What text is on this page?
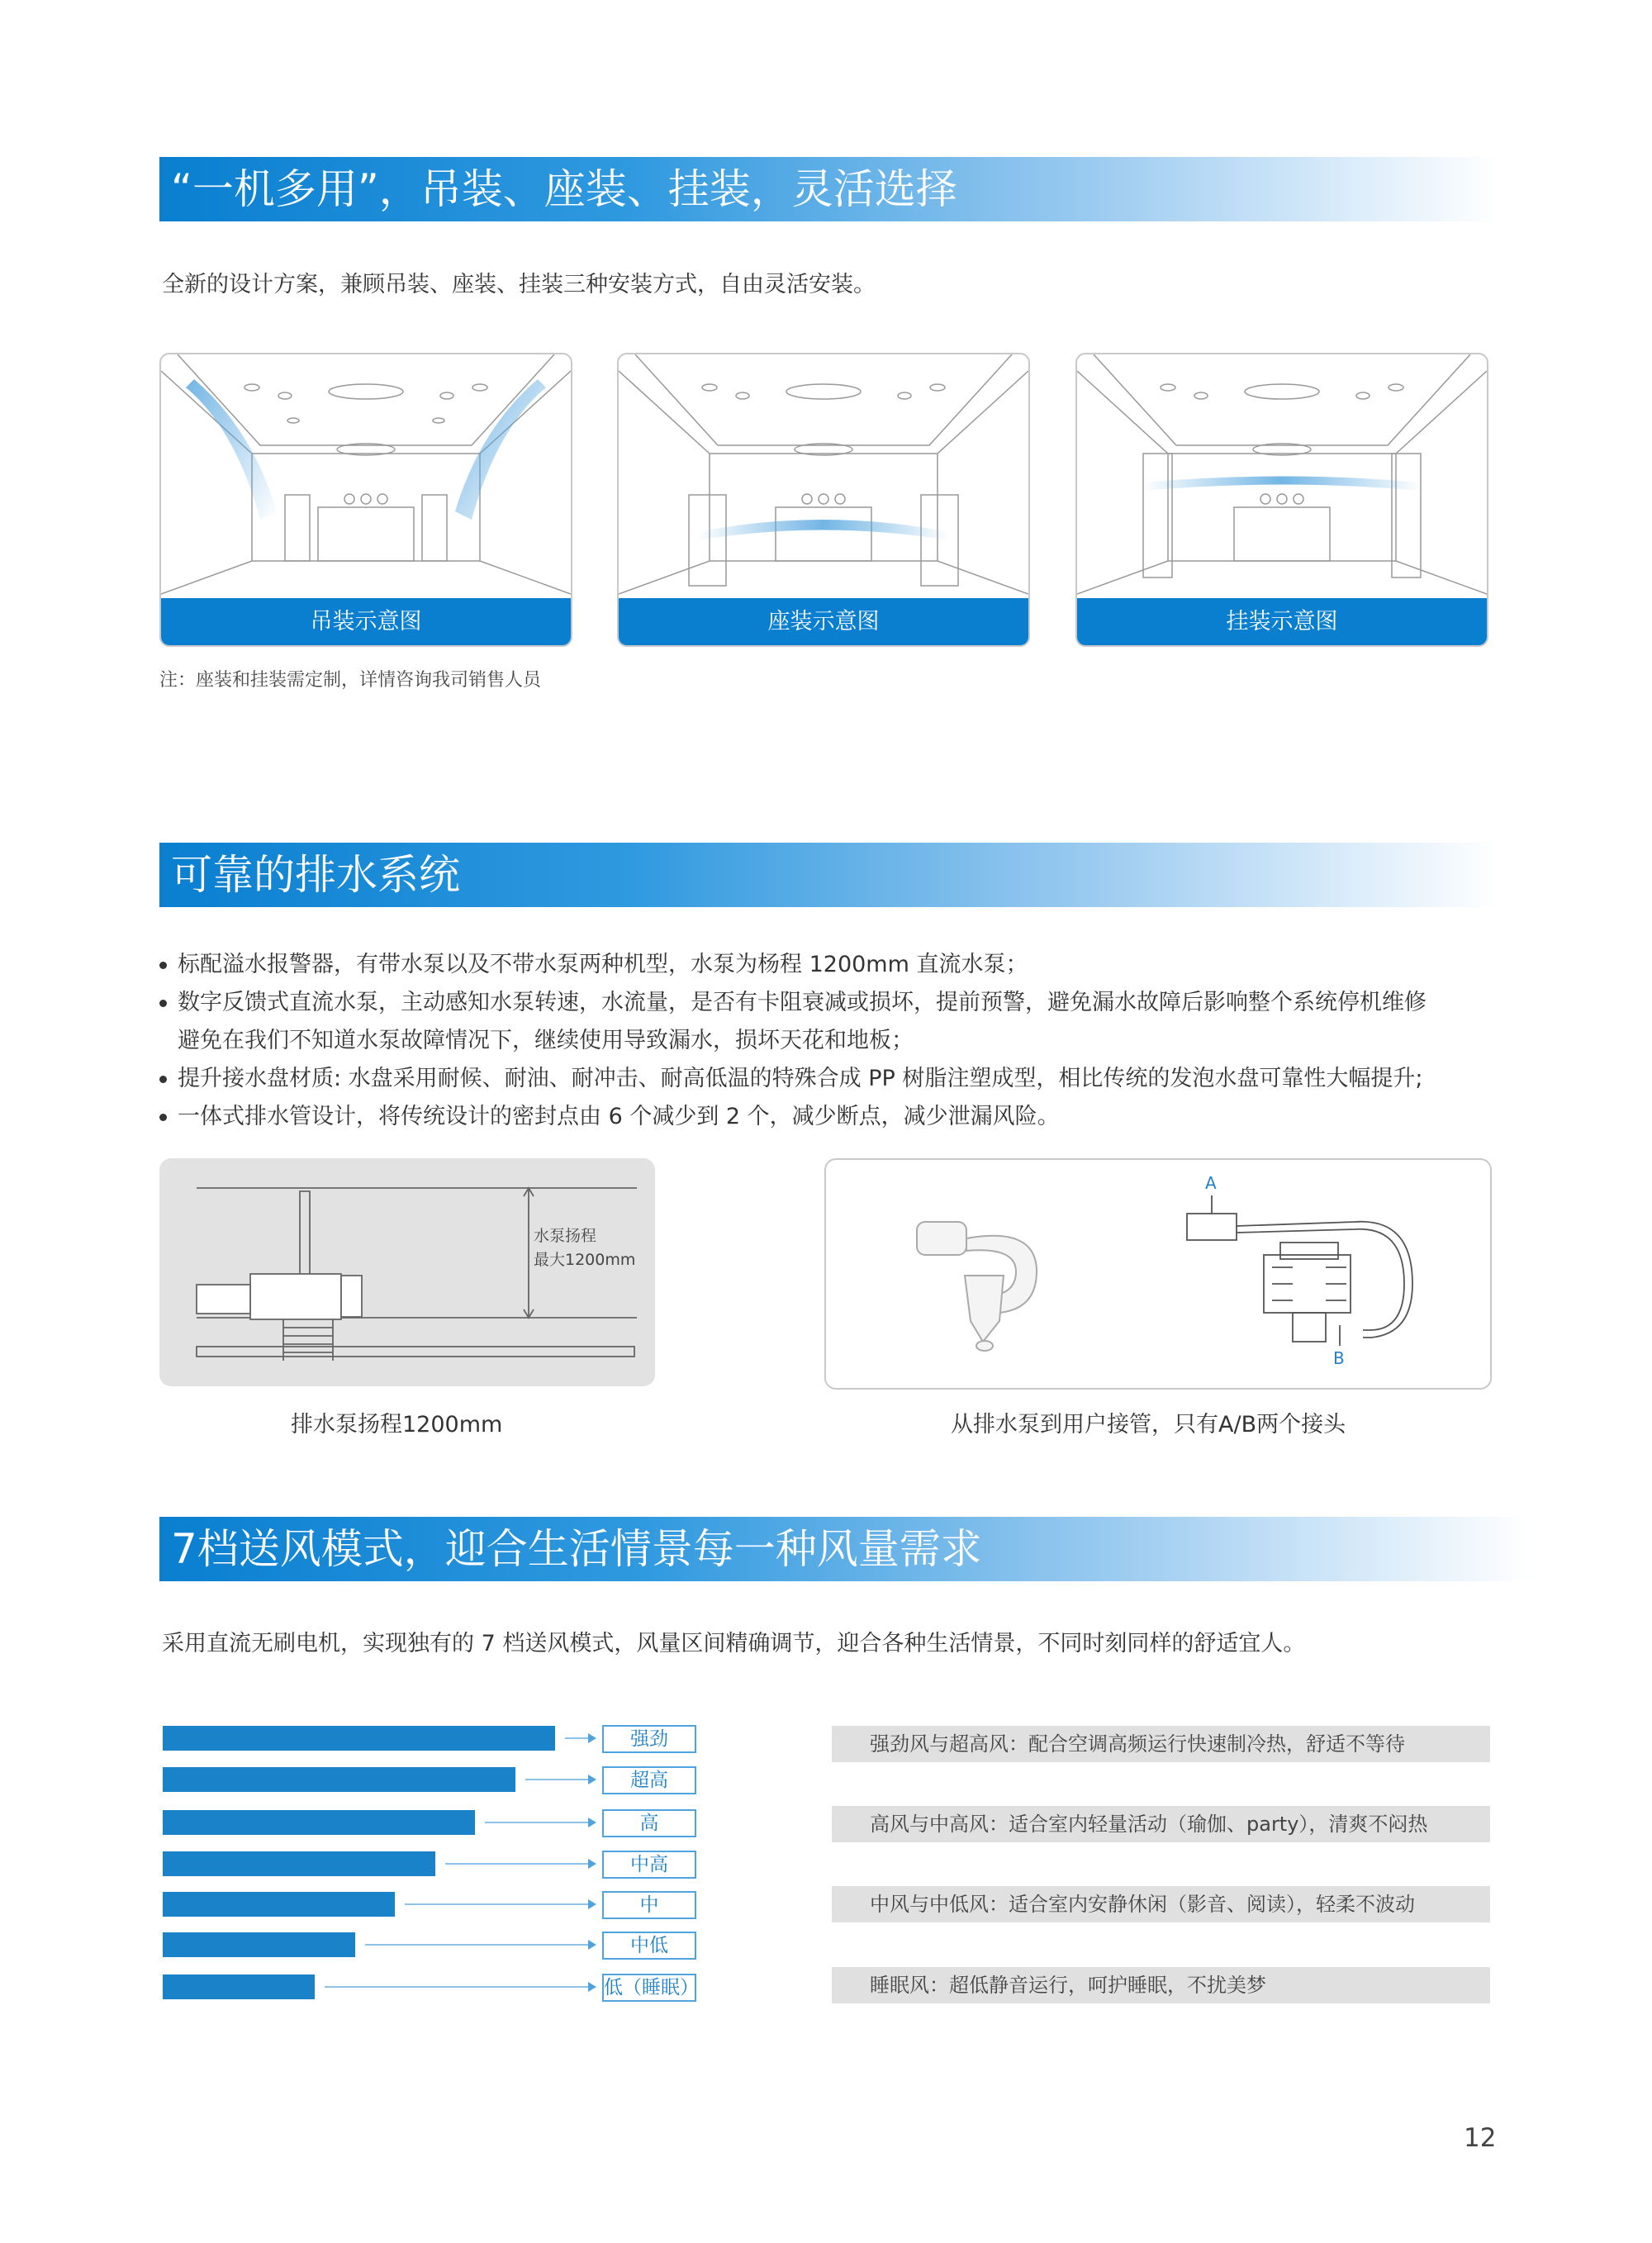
“一机多用”，吊装、座装、挂装，灵活选择
全新的设计方案，兼顾吊装、座装、挂装三种安装方式，自由灵活安装。
吊装示意图	座装示意图	挂装示意图
注：座装和挂装需定制，详情咨询我司销售人员
可靠的排水系统
标配溢水报警器，有带水泵以及不带水泵两种机型，水泵为杨程 1200mm 直流水泵；
数字反馈式直流水泵，主动感知水泵转速，水流量，是否有卡阻衰减或损坏，提前预警，避免漏水故障后影响整个系统停机维修
避免在我们不知道水泵故障情况下，继续使用导致漏水，损坏天花和地板；
提升接水盘材质: 水盘采用耐候、耐油、耐冲击、耐高低温的特殊合成 PP 树脂注塑成型，相比传统的发泡水盘可靠性大幅提升;
一体式排水管设计，将传统设计的密封点由 6 个减少到 2 个，减少断点，减少泄漏风险。
水泵扬程
最大1200mm
A
B
排水泵扬程1200mm	从排水泵到用户接管，只有A/B两个接头
7档送风模式，迎合生活情景每一种风量需求
采用直流无刷电机，实现独有的 7 档送风模式，风量区间精确调节，迎合各种生活情景，不同时刻同样的舒适宜人。
强劲
超高
高
中高
中
中低
低（睡眠）
强劲风与超高风：配合空调高频运行快速制冷热，舒适不等待
高风与中高风：适合室内轻量活动（瑜伽、party），清爽不闷热
中风与中低风：适合室内安静休闲（影音、阅读），轻柔不波动
睡眠风：超低静音运行，呵护睡眠，不扰美梦
12
